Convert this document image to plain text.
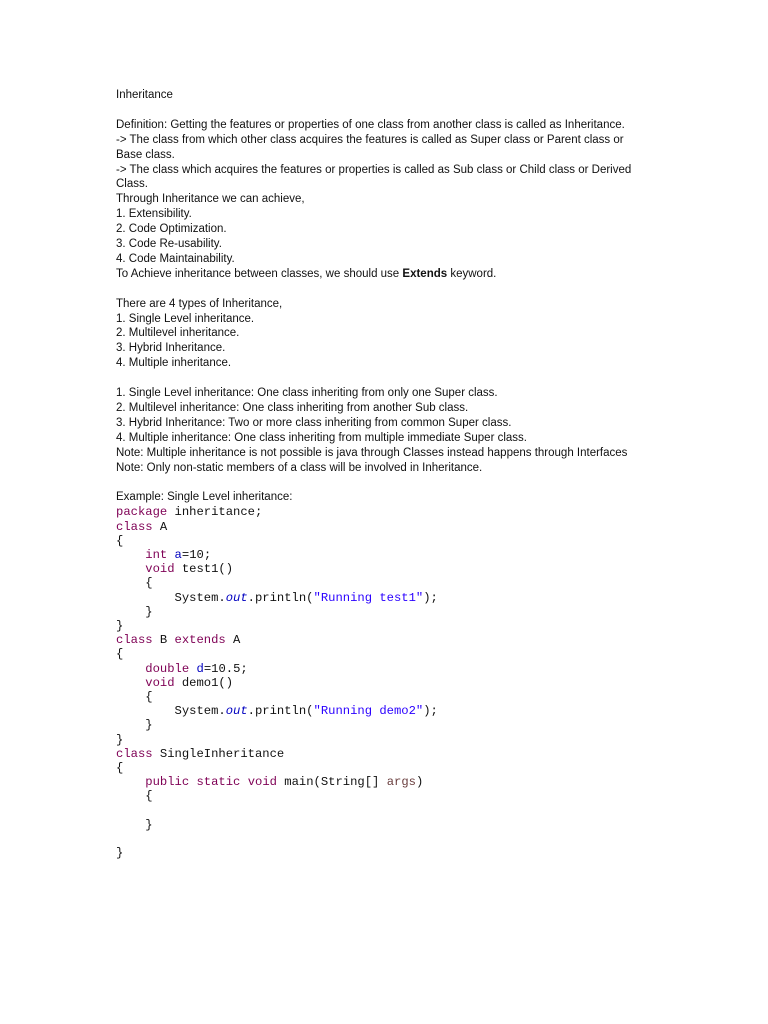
Inheritance
Definition: Getting the features or properties of one class from another class is called as Inheritance.
-> The class from which other class acquires the features is called as Super class or Parent class or
Base class.
-> The class which acquires the features or properties is called as Sub class or Child class or Derived
Class.
Through Inheritance we can achieve,
1. Extensibility.
2. Code Optimization.
3. Code Re-usability.
4. Code Maintainability.
To Achieve inheritance between classes, we should use Extends keyword.
There are 4 types of Inheritance,
1. Single Level inheritance.
2. Multilevel inheritance.
3. Hybrid Inheritance.
4. Multiple inheritance.
1. Single Level inheritance: One class inheriting from only one Super class.
2. Multilevel inheritance: One class inheriting from another Sub class.
3. Hybrid Inheritance: Two or more class inheriting from common Super class.
4. Multiple inheritance: One class inheriting from multiple immediate Super class.
Note: Multiple inheritance is not possible is java through Classes instead happens through Interfaces
Note: Only non-static members of a class will be involved in Inheritance.
Example: Single Level inheritance:
package inheritance;
class A
{
int a=10;
void test1()
{
System.out.println("Running test1");
}
}
class B extends A
{
double d=10.5;
void demo1()
{
System.out.println("Running demo2");
}
}
class SingleInheritance
{
public static void main(String[] args)
{

}

}
